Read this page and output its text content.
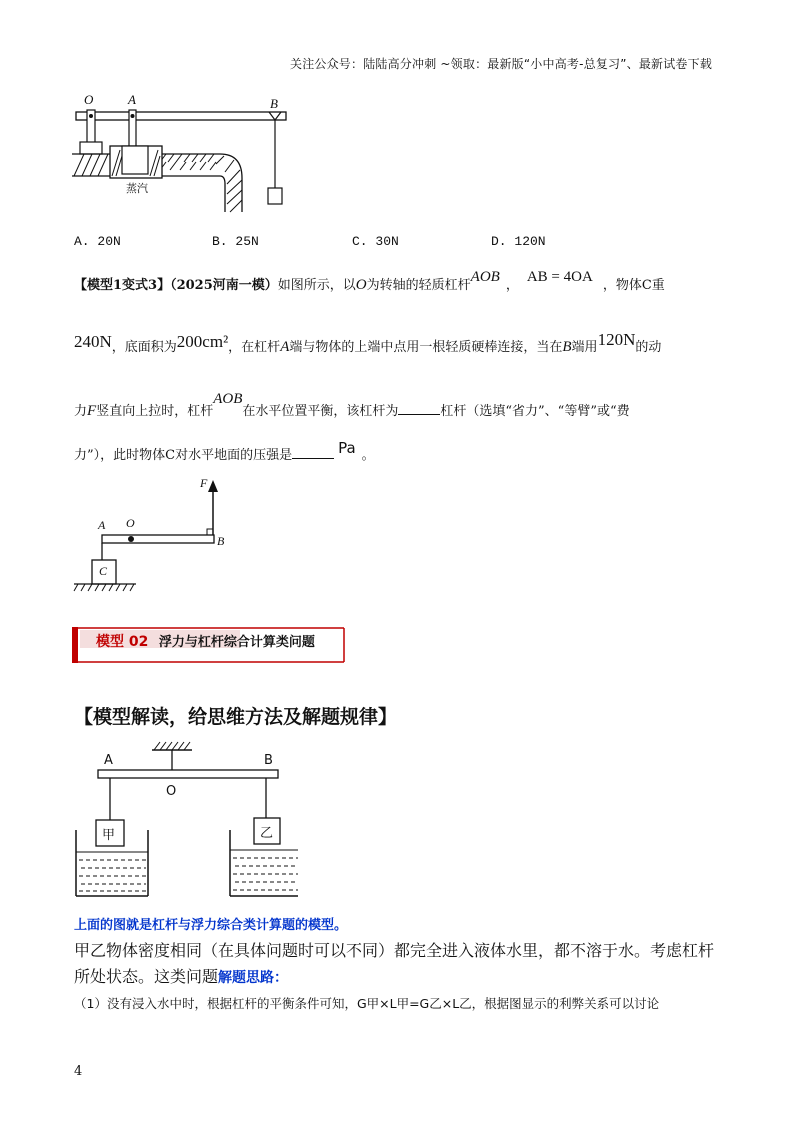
关注公众号：陆陆高分冲刺 ~领取：最新版“小中高考-总复习”、最新试卷下载
O	A	B
蒸汽
A. 20N	B. 25N	C. 30N	D. 120N
【模型1变式3】（2025河南一模）如图所示，以O为转轴的轻质杠杆AOB，AB = 4OA，物体C重
240N，底面积为200cm²，在杠杆A端与物体的上端中点用一根轻质硬棒连接，当在B端用120N的动
力F竖直向上拉时，杠杆AOB在水平位置平衡，该杠杆为	杠杆（选填“省力”、“等臂”或“费
力”），此时物体C对水平地面的压强是	Pa 。
F
A O
B
C
模型 02 浮力与杠杆综合计算类问题
【模型解读，给思维方法及解题规律】
A	B
O
甲	乙
上面的图就是杠杆与浮力综合类计算题的模型。
甲乙物体密度相同（在具体问题时可以不同）都完全进入液体水里，都不溶于水。考虑杠杆
所处状态。这类问题解题思路：
（1）没有浸入水中时，根据杠杆的平衡条件可知，G甲×L甲=G乙×L乙，根据图显示的利弊关系可以讨论
4
